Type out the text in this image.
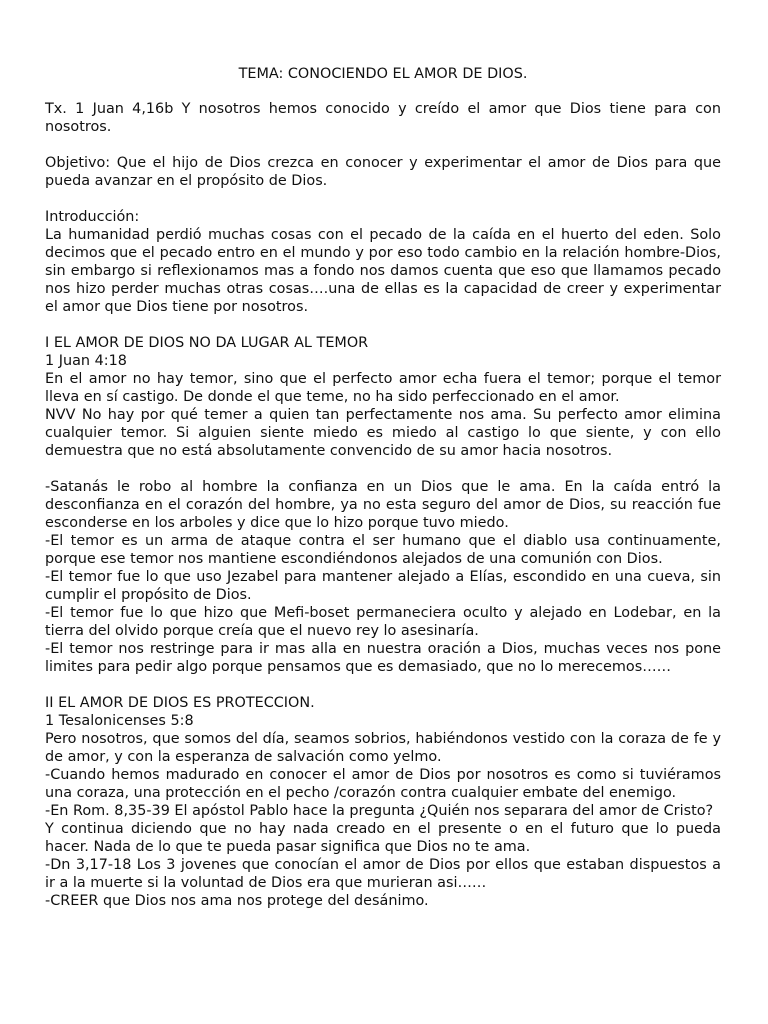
TEMA: CONOCIENDO EL AMOR DE DIOS.
Tx. 1 Juan 4,16b Y nosotros hemos conocido y creído el amor que Dios tiene para con nosotros.
Objetivo: Que el hijo de Dios crezca en conocer y experimentar el amor de Dios para que pueda avanzar en el propósito de Dios.
Introducción:
La humanidad perdió muchas cosas con el pecado de la caída en el huerto del eden. Solo decimos que el pecado entro en el mundo y por eso todo cambio en la relación hombre-Dios, sin embargo si reflexionamos mas a fondo nos damos cuenta que eso que llamamos pecado nos hizo perder muchas otras cosas….una de ellas es la capacidad de creer y experimentar el amor que Dios tiene por nosotros.
I EL AMOR DE DIOS NO DA LUGAR AL TEMOR
1 Juan 4:18
En el amor no hay temor, sino que el perfecto amor echa fuera el temor; porque el temor lleva en sí castigo. De donde el que teme, no ha sido perfeccionado en el amor.
NVV No hay por qué temer a quien tan perfectamente nos ama. Su perfecto amor elimina cualquier temor. Si alguien siente miedo es miedo al castigo lo que siente, y con ello demuestra que no está absolutamente convencido de su amor hacia nosotros.
-Satanás le robo al hombre la confianza en un Dios que le ama. En la caída entró la desconfianza en el corazón del hombre, ya no esta seguro del amor de Dios, su reacción fue esconderse en los arboles y dice que lo hizo porque tuvo miedo.
-El temor es un arma de ataque contra el ser humano que el diablo usa continuamente, porque ese temor nos mantiene escondiéndonos alejados de una comunión con Dios.
-El temor fue lo que uso Jezabel para mantener alejado a Elías, escondido en una cueva, sin cumplir el propósito de Dios.
-El temor fue lo que hizo que Mefi-boset permaneciera oculto y alejado en Lodebar, en la tierra del olvido porque creía que el nuevo rey lo asesinaría.
-El temor nos restringe para ir mas alla en nuestra oración a Dios, muchas veces nos pone limites para pedir algo porque pensamos que es demasiado, que no lo merecemos……
II EL AMOR DE DIOS ES PROTECCION.
1 Tesalonicenses 5:8
Pero nosotros, que somos del día, seamos sobrios, habiéndonos vestido con la coraza de fe y de amor, y con la esperanza de salvación como yelmo.
-Cuando hemos madurado en conocer el amor de Dios por nosotros es como si tuviéramos una coraza, una protección en el pecho /corazón contra cualquier embate del enemigo.
-En Rom. 8,35-39 El apóstol Pablo hace la pregunta ¿Quién nos separara del amor de Cristo?
Y continua diciendo que no hay nada creado en el presente o en el futuro que lo pueda hacer. Nada de lo que te pueda pasar significa que Dios no te ama.
-Dn 3,17-18 Los 3 jovenes que conocían el amor de Dios por ellos que estaban dispuestos a ir a la muerte si la voluntad de Dios era que murieran asi……
-CREER que Dios nos ama nos protege del desánimo.
